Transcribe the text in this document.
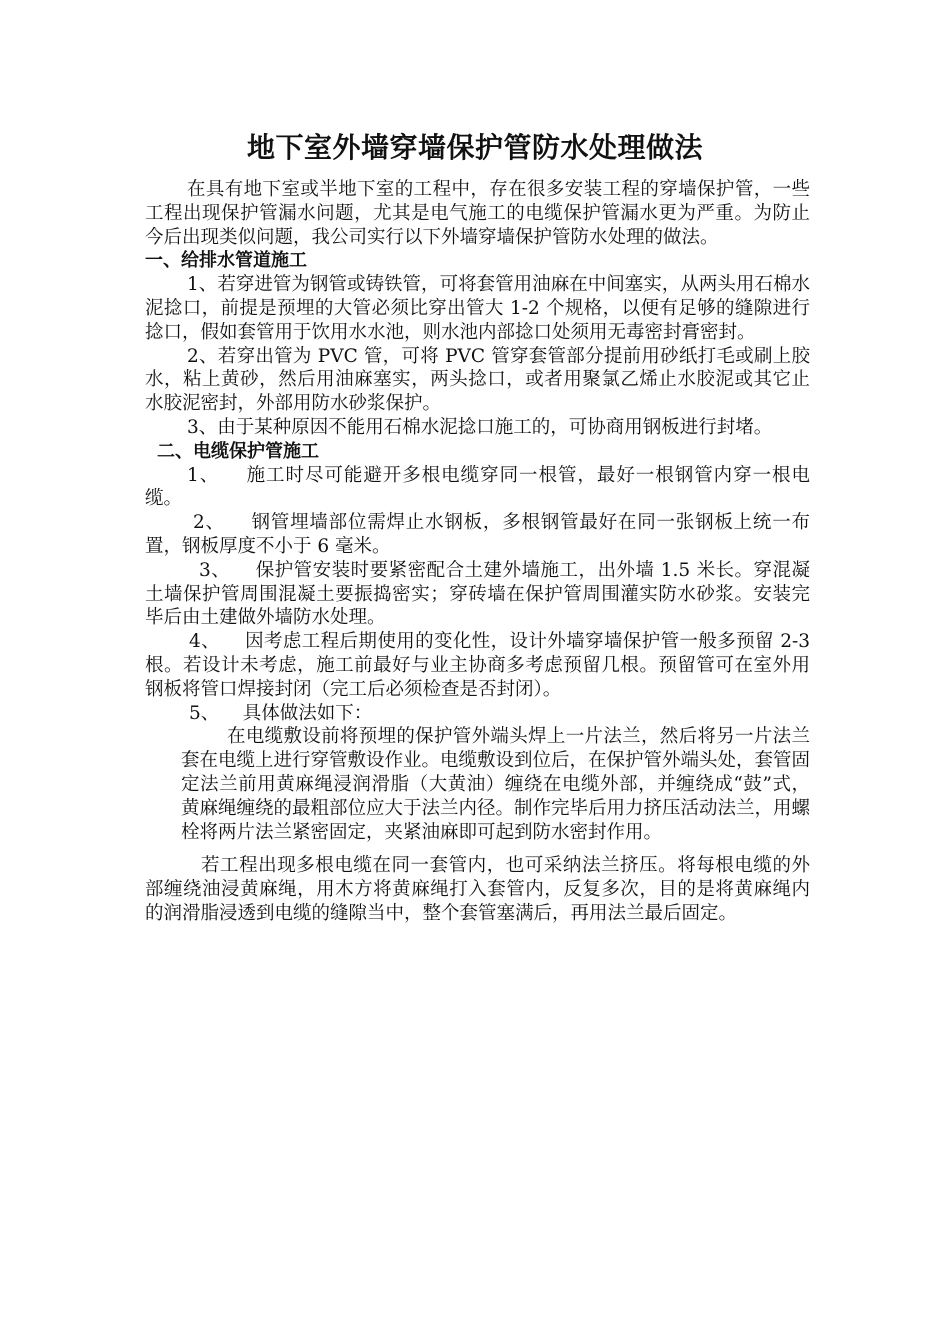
地下室外墙穿墙保护管防水处理做法

在具有地下室或半地下室的工程中，存在很多安装工程的穿墙保护管，一些工程出现保护管漏水问题，尤其是电气施工的电缆保护管漏水更为严重。为防止今后出现类似问题，我公司实行以下外墙穿墙保护管防水处理的做法。

一、给排水管道施工

1、若穿进管为钢管或铸铁管，可将套管用油麻在中间塞实，从两头用石棉水泥捻口，前提是预埋的大管必须比穿出管大 1-2 个规格，以便有足够的缝隙进行捻口，假如套管用于饮用水水池，则水池内部捻口处须用无毒密封膏密封。

2、若穿出管为 PVC 管，可将 PVC 管穿套管部分提前用砂纸打毛或刷上胶水，粘上黄砂，然后用油麻塞实，两头捻口，或者用聚氯乙烯止水胶泥或其它止水胶泥密封，外部用防水砂浆保护。

3、由于某种原因不能用石棉水泥捻口施工的，可协商用钢板进行封堵。

二、电缆保护管施工

1、    施工时尽可能避开多根电缆穿同一根管，最好一根钢管内穿一根电缆。

2、    钢管埋墙部位需焊止水钢板，多根钢管最好在同一张钢板上统一布置，钢板厚度不小于 6 毫米。

3、    保护管安装时要紧密配合土建外墙施工，出外墙 1.5 米长。穿混凝土墙保护管周围混凝土要振捣密实；穿砖墙在保护管周围灌实防水砂浆。安装完毕后由土建做外墙防水处理。

4、    因考虑工程后期使用的变化性，设计外墙穿墙保护管一般多预留 2-3 根。若设计未考虑，施工前最好与业主协商多考虑预留几根。预留管可在室外用钢板将管口焊接封闭（完工后必须检查是否封闭）。

5、    具体做法如下：

在电缆敷设前将预埋的保护管外端头焊上一片法兰，然后将另一片法兰套在电缆上进行穿管敷设作业。电缆敷设到位后，在保护管外端头处，套管固定法兰前用黄麻绳浸润滑脂（大黄油）缠绕在电缆外部，并缠绕成“鼓”式，黄麻绳缠绕的最粗部位应大于法兰内径。制作完毕后用力挤压活动法兰，用螺栓将两片法兰紧密固定，夹紧油麻即可起到防水密封作用。

若工程出现多根电缆在同一套管内，也可采纳法兰挤压。将每根电缆的外部缠绕油浸黄麻绳，用木方将黄麻绳打入套管内，反复多次，目的是将黄麻绳内的润滑脂浸透到电缆的缝隙当中，整个套管塞满后，再用法兰最后固定。
